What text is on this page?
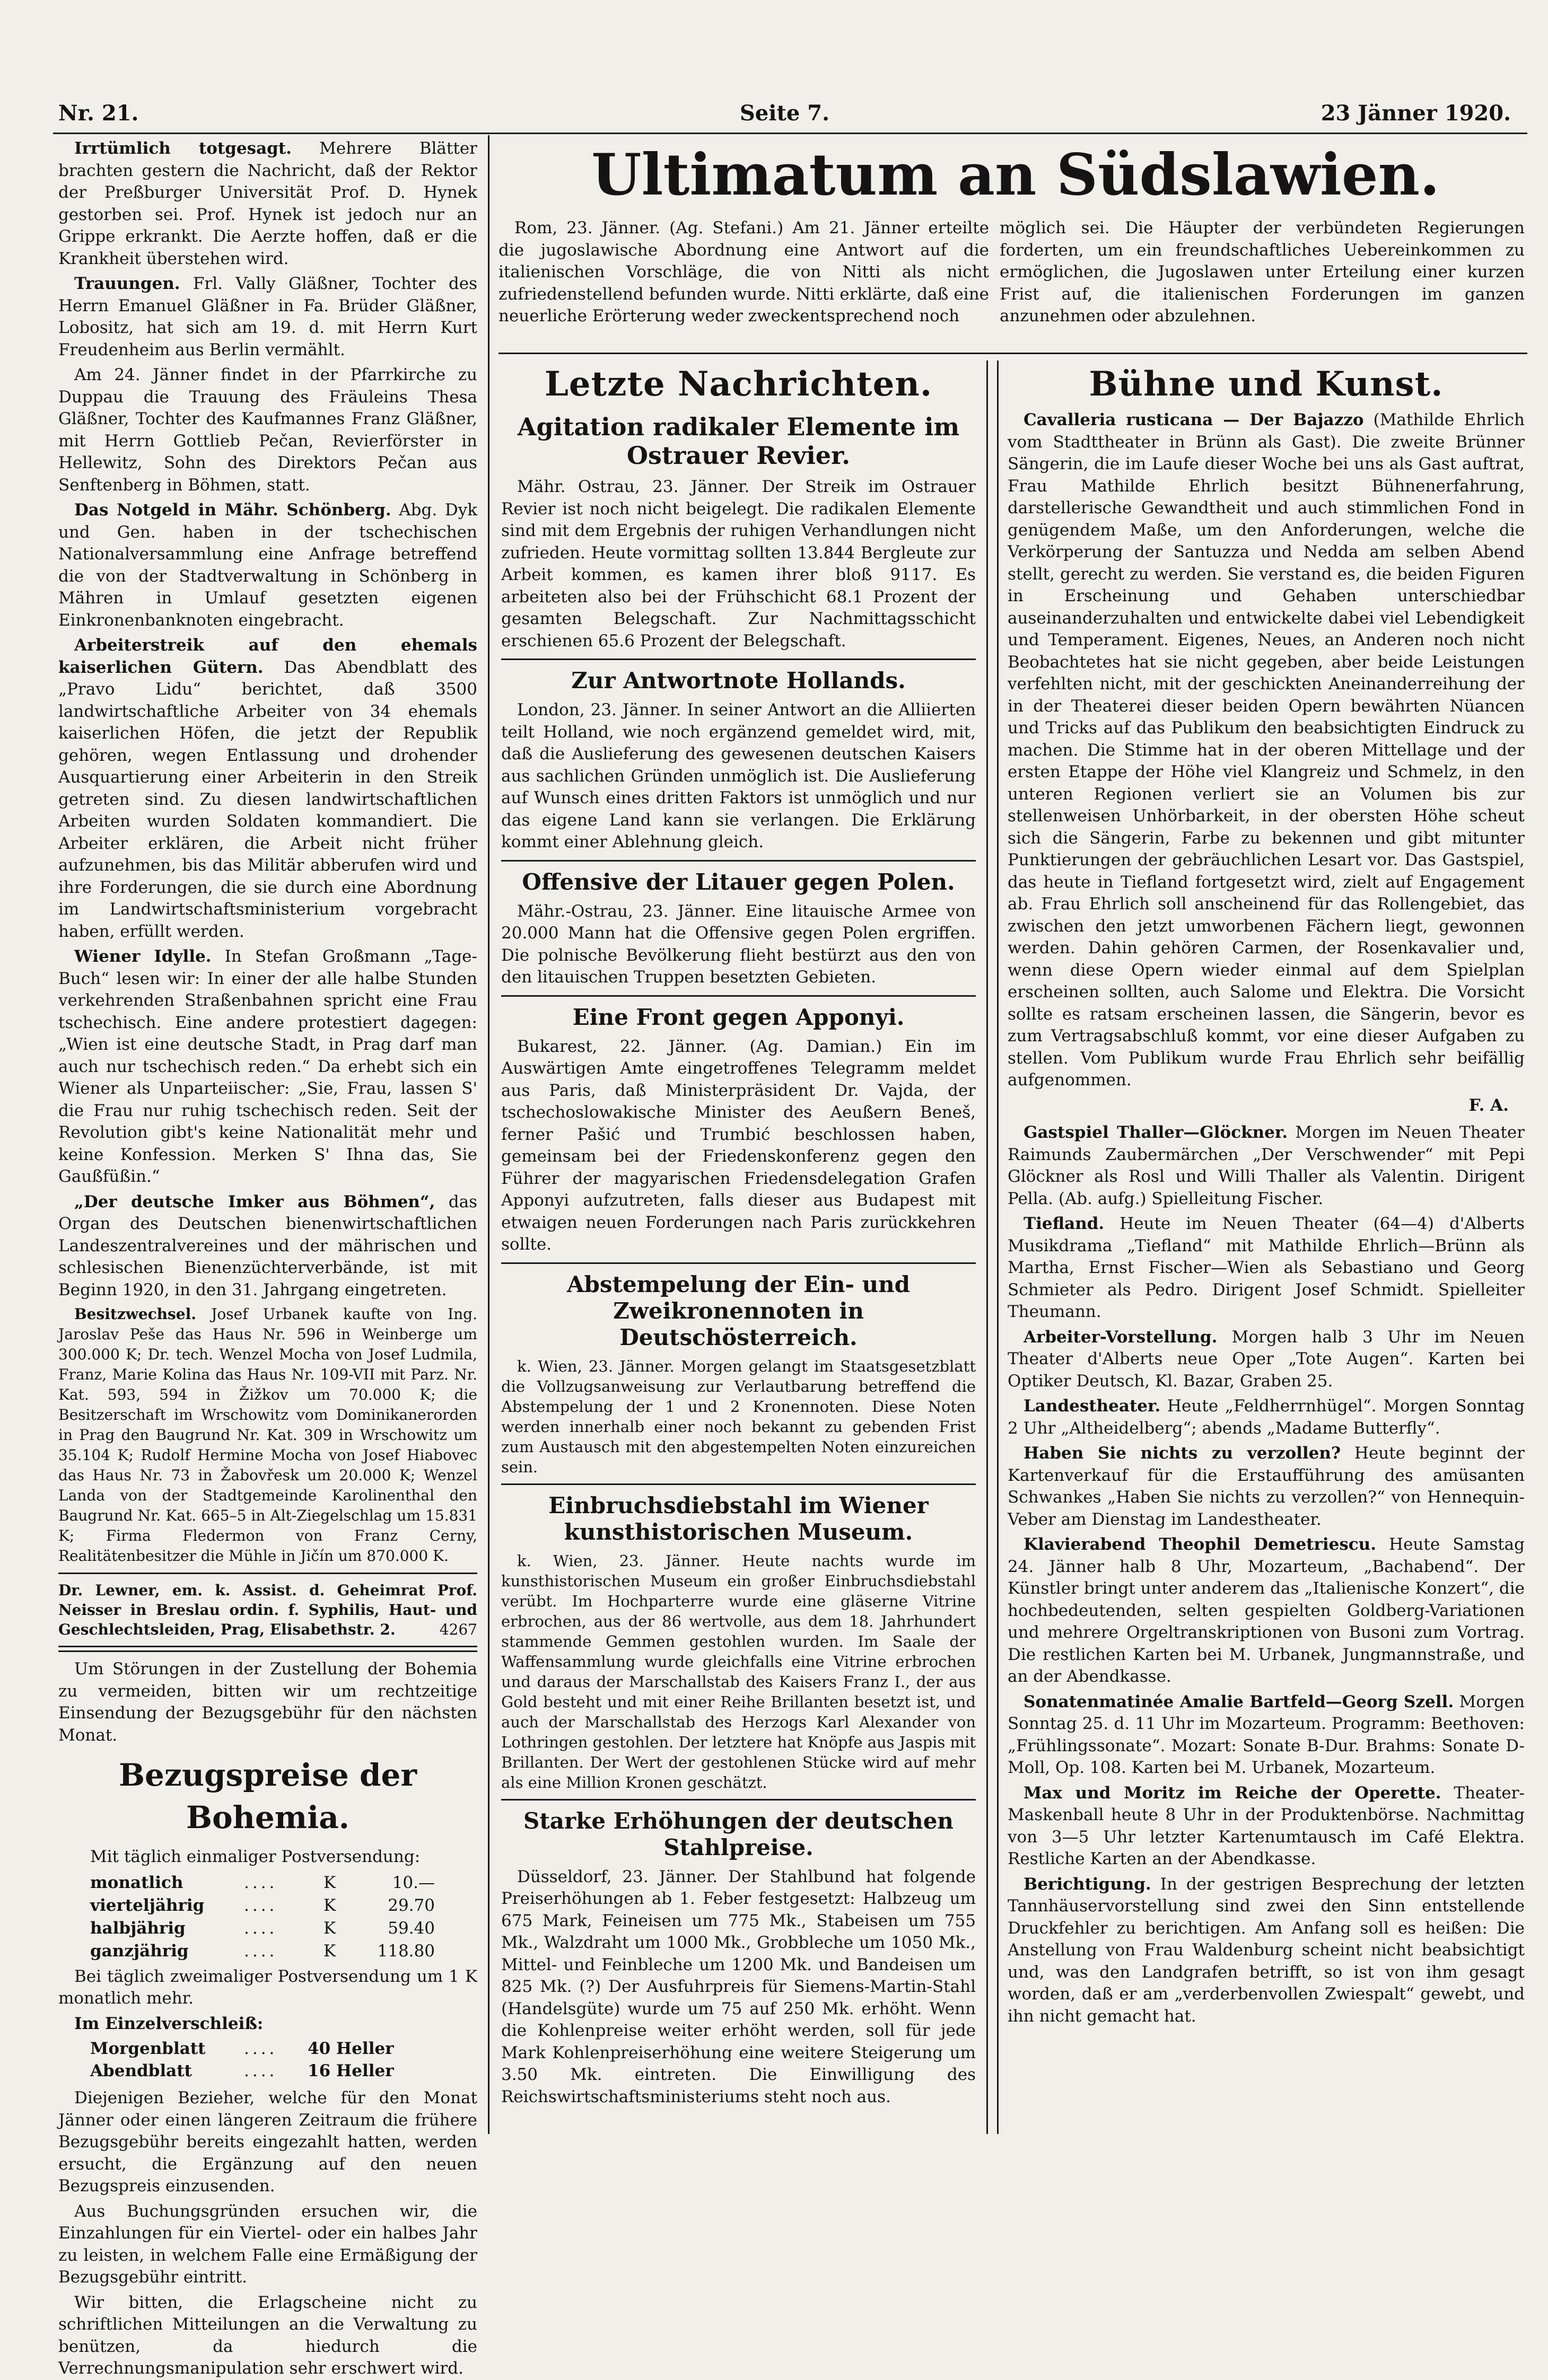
Nr. 21.	Seite 7.	23 Jänner 1920.
Ultimatum an Südslawien.

Rom, 23. Jänner. (Ag. Stefani.) Am 21. Jänner erteilte die jugoslawische Abordnung eine Antwort auf die italienischen Vorschläge, die von Nitti als nicht zufriedenstellend befunden wurde. Nitti erklärte, daß eine neuerliche Erörterung weder zweckentsprechend noch

möglich sei. Die Häupter der verbündeten Regierungen forderten, um ein freundschaftliches Uebereinkommen zu ermöglichen, die Jugoslawen unter Erteilung einer kurzen Frist auf, die italienischen Forderungen im ganzen anzunehmen oder abzulehnen.

Irrtümlich totgesagt. Mehrere Blätter brachten gestern die Nachricht, daß der Rektor der Preßburger Universität Prof. D. Hynek gestorben sei. Prof. Hynek ist jedoch nur an Grippe erkrankt. Die Aerzte hoffen, daß er die Krankheit überstehen wird.

Trauungen. Frl. Vally Gläßner, Tochter des Herrn Emanuel Gläßner in Fa. Brüder Gläßner, Lobositz, hat sich am 19. d. mit Herrn Kurt Freudenheim aus Berlin vermählt.

Am 24. Jänner findet in der Pfarrkirche zu Duppau die Trauung des Fräuleins Thesa Gläßner, Tochter des Kaufmannes Franz Gläßner, mit Herrn Gottlieb Pečan, Revierförster in Hellewitz, Sohn des Direktors Pečan aus Senftenberg in Böhmen, statt.

Das Notgeld in Mähr. Schönberg. Abg. Dyk und Gen. haben in der tschechischen Nationalversammlung eine Anfrage betreffend die von der Stadtverwaltung in Schönberg in Mähren in Umlauf gesetzten eigenen Einkronenbanknoten eingebracht.

Arbeiterstreik auf den ehemals kaiserlichen Gütern. Das Abendblatt des „Pravo Lidu“ berichtet, daß 3500 landwirtschaftliche Arbeiter von 34 ehemals kaiserlichen Höfen, die jetzt der Republik gehören, wegen Entlassung und drohender Ausquartierung einer Arbeiterin in den Streik getreten sind. Zu diesen landwirtschaftlichen Arbeiten wurden Soldaten kommandiert. Die Arbeiter erklären, die Arbeit nicht früher aufzunehmen, bis das Militär abberufen wird und ihre Forderungen, die sie durch eine Abordnung im Landwirtschaftsministerium vorgebracht haben, erfüllt werden.

Wiener Idylle. In Stefan Großmann „Tage-Buch“ lesen wir: In einer der alle halbe Stunden verkehrenden Straßenbahnen spricht eine Frau tschechisch. Eine andere protestiert dagegen: „Wien ist eine deutsche Stadt, in Prag darf man auch nur tschechisch reden.“ Da erhebt sich ein Wiener als Unparteiischer: „Sie, Frau, lassen S' die Frau nur ruhig tschechisch reden. Seit der Revolution gibt's keine Nationalität mehr und keine Konfession. Merken S' Ihna das, Sie Gaußfüßin.“

„Der deutsche Imker aus Böhmen“, das Organ des Deutschen bienenwirtschaftlichen Landeszentralvereines und der mährischen und schlesischen Bienenzüchterverbände, ist mit Beginn 1920, in den 31. Jahrgang eingetreten.

Besitzwechsel. Josef Urbanek kaufte von Ing. Jaroslav Peše das Haus Nr. 596 in Weinberge um 300.000 K; Dr. tech. Wenzel Mocha von Josef Ludmila, Franz, Marie Kolina das Haus Nr. 109-VII mit Parz. Nr. Kat. 593, 594 in Žižkov um 70.000 K; die Besitzerschaft im Wrschowitz vom Dominikanerorden in Prag den Baugrund Nr. Kat. 309 in Wrschowitz um 35.104 K; Rudolf Hermine Mocha von Josef Hiabovec das Haus Nr. 73 in Žabovřesk um 20.000 K; Wenzel Landa von der Stadtgemeinde Karolinenthal den Baugrund Nr. Kat. 665–5 in Alt-Ziegelschlag um 15.831 K; Firma Fledermon von Franz Cerny, Realitätenbesitzer die Mühle in Jičín um 870.000 K.

Dr. Lewner, em. k. Assist. d. Geheimrat Prof. Neisser in Breslau ordin. f. Syphilis, Haut- und Geschlechtsleiden, Prag, Elisabethstr. 2.	4267

Um Störungen in der Zustellung der Bohemia zu vermeiden, bitten wir um rechtzeitige Einsendung der Bezugsgebühr für den nächsten Monat.

Bezugspreise der Bohemia.

Mit täglich einmaliger Postversendung:

monatlich	....	K	10.—
vierteljährig	....	K	29.70
halbjährig	....	K	59.40
ganzjährig	....	K	118.80

Bei täglich zweimaliger Postversendung um 1 K monatlich mehr.

Im Einzelverschleiß:

Morgenblatt	....	40 Heller
Abendblatt	....	16 Heller

Diejenigen Bezieher, welche für den Monat Jänner oder einen längeren Zeitraum die frühere Bezugsgebühr bereits eingezahlt hatten, werden ersucht, die Ergänzung auf den neuen Bezugspreis einzusenden.

Aus Buchungsgründen ersuchen wir, die Einzahlungen für ein Viertel- oder ein halbes Jahr zu leisten, in welchem Falle eine Ermäßigung der Bezugsgebühr eintritt.

Wir bitten, die Erlagscheine nicht zu schriftlichen Mitteilungen an die Verwaltung zu benützen, da hiedurch die Verrechnungsmanipulation sehr erschwert wird.

Letzte Nachrichten.
Agitation radikaler Elemente im Ostrauer Revier.

Mähr. Ostrau, 23. Jänner. Der Streik im Ostrauer Revier ist noch nicht beigelegt. Die radikalen Elemente sind mit dem Ergebnis der ruhigen Verhandlungen nicht zufrieden. Heute vormittag sollten 13.844 Bergleute zur Arbeit kommen, es kamen ihrer bloß 9117. Es arbeiteten also bei der Frühschicht 68.1 Prozent der gesamten Belegschaft. Zur Nachmittagsschicht erschienen 65.6 Prozent der Belegschaft.

Zur Antwortnote Hollands.

London, 23. Jänner. In seiner Antwort an die Alliierten teilt Holland, wie noch ergänzend gemeldet wird, mit, daß die Auslieferung des gewesenen deutschen Kaisers aus sachlichen Gründen unmöglich ist. Die Auslieferung auf Wunsch eines dritten Faktors ist unmöglich und nur das eigene Land kann sie verlangen. Die Erklärung kommt einer Ablehnung gleich.

Offensive der Litauer gegen Polen.

Mähr.-Ostrau, 23. Jänner. Eine litauische Armee von 20.000 Mann hat die Offensive gegen Polen ergriffen. Die polnische Bevölkerung flieht bestürzt aus den von den litauischen Truppen besetzten Gebieten.

Eine Front gegen Apponyi.

Bukarest, 22. Jänner. (Ag. Damian.) Ein im Auswärtigen Amte eingetroffenes Telegramm meldet aus Paris, daß Ministerpräsident Dr. Vajda, der tschechoslowakische Minister des Aeußern Beneš, ferner Pašić und Trumbić beschlossen haben, gemeinsam bei der Friedenskonferenz gegen den Führer der magyarischen Friedensdelegation Grafen Apponyi aufzutreten, falls dieser aus Budapest mit etwaigen neuen Forderungen nach Paris zurückkehren sollte.

Abstempelung der Ein- und Zweikronennoten in Deutschösterreich.

k. Wien, 23. Jänner. Morgen gelangt im Staatsgesetzblatt die Vollzugsanweisung zur Verlautbarung betreffend die Abstempelung der 1 und 2 Kronennoten. Diese Noten werden innerhalb einer noch bekannt zu gebenden Frist zum Austausch mit den abgestempelten Noten einzureichen sein.

Einbruchsdiebstahl im Wiener kunsthistorischen Museum.

k. Wien, 23. Jänner. Heute nachts wurde im kunsthistorischen Museum ein großer Einbruchsdiebstahl verübt. Im Hochparterre wurde eine gläserne Vitrine erbrochen, aus der 86 wertvolle, aus dem 18. Jahrhundert stammende Gemmen gestohlen wurden. Im Saale der Waffensammlung wurde gleichfalls eine Vitrine erbrochen und daraus der Marschallstab des Kaisers Franz I., der aus Gold besteht und mit einer Reihe Brillanten besetzt ist, und auch der Marschallstab des Herzogs Karl Alexander von Lothringen gestohlen. Der letztere hat Knöpfe aus Jaspis mit Brillanten. Der Wert der gestohlenen Stücke wird auf mehr als eine Million Kronen geschätzt.

Starke Erhöhungen der deutschen Stahlpreise.

Düsseldorf, 23. Jänner. Der Stahlbund hat folgende Preiserhöhungen ab 1. Feber festgesetzt: Halbzeug um 675 Mark, Feineisen um 775 Mk., Stabeisen um 755 Mk., Walzdraht um 1000 Mk., Grobbleche um 1050 Mk., Mittel- und Feinbleche um 1200 Mk. und Bandeisen um 825 Mk. (?) Der Ausfuhrpreis für Siemens-Martin-Stahl (Handelsgüte) wurde um 75 auf 250 Mk. erhöht. Wenn die Kohlenpreise weiter erhöht werden, soll für jede Mark Kohlenpreiserhöhung eine weitere Steigerung um 3.50 Mk. eintreten. Die Einwilligung des Reichswirtschaftsministeriums steht noch aus.

Bühne und Kunst.

Cavalleria rusticana — Der Bajazzo (Mathilde Ehrlich vom Stadttheater in Brünn als Gast). Die zweite Brünner Sängerin, die im Laufe dieser Woche bei uns als Gast auftrat, Frau Mathilde Ehrlich besitzt Bühnenerfahrung, darstellerische Gewandtheit und auch stimmlichen Fond in genügendem Maße, um den Anforderungen, welche die Verkörperung der Santuzza und Nedda am selben Abend stellt, gerecht zu werden. Sie verstand es, die beiden Figuren in Erscheinung und Gehaben unterschiedbar auseinanderzuhalten und entwickelte dabei viel Lebendigkeit und Temperament. Eigenes, Neues, an Anderen noch nicht Beobachtetes hat sie nicht gegeben, aber beide Leistungen verfehlten nicht, mit der geschickten Aneinanderreihung der in der Theaterei dieser beiden Opern bewährten Nüancen und Tricks auf das Publikum den beabsichtigten Eindruck zu machen. Die Stimme hat in der oberen Mittellage und der ersten Etappe der Höhe viel Klangreiz und Schmelz, in den unteren Regionen verliert sie an Volumen bis zur stellenweisen Unhörbarkeit, in der obersten Höhe scheut sich die Sängerin, Farbe zu bekennen und gibt mitunter Punktierungen der gebräuchlichen Lesart vor. Das Gastspiel, das heute in Tiefland fortgesetzt wird, zielt auf Engagement ab. Frau Ehrlich soll anscheinend für das Rollengebiet, das zwischen den jetzt umworbenen Fächern liegt, gewonnen werden. Dahin gehören Carmen, der Rosenkavalier und, wenn diese Opern wieder einmal auf dem Spielplan erscheinen sollten, auch Salome und Elektra. Die Vorsicht sollte es ratsam erscheinen lassen, die Sängerin, bevor es zum Vertragsabschluß kommt, vor eine dieser Aufgaben zu stellen. Vom Publikum wurde Frau Ehrlich sehr beifällig aufgenommen.

F. A.

Gastspiel Thaller—Glöckner. Morgen im Neuen Theater Raimunds Zaubermärchen „Der Verschwender“ mit Pepi Glöckner als Rosl und Willi Thaller als Valentin. Dirigent Pella. (Ab. aufg.) Spielleitung Fischer.

Tiefland. Heute im Neuen Theater (64—4) d'Alberts Musikdrama „Tiefland“ mit Mathilde Ehrlich—Brünn als Martha, Ernst Fischer—Wien als Sebastiano und Georg Schmieter als Pedro. Dirigent Josef Schmidt. Spielleiter Theumann.

Arbeiter-Vorstellung. Morgen halb 3 Uhr im Neuen Theater d'Alberts neue Oper „Tote Augen“. Karten bei Optiker Deutsch, Kl. Bazar, Graben 25.

Landestheater. Heute „Feldherrnhügel“. Morgen Sonntag 2 Uhr „Altheidelberg“; abends „Madame Butterfly“.

Haben Sie nichts zu verzollen? Heute beginnt der Kartenverkauf für die Erstaufführung des amüsanten Schwankes „Haben Sie nichts zu verzollen?“ von Hennequin-Veber am Dienstag im Landestheater.

Klavierabend Theophil Demetriescu. Heute Samstag 24. Jänner halb 8 Uhr, Mozarteum, „Bachabend“. Der Künstler bringt unter anderem das „Italienische Konzert“, die hochbedeutenden, selten gespielten Goldberg-Variationen und mehrere Orgeltranskriptionen von Busoni zum Vortrag. Die restlichen Karten bei M. Urbanek, Jungmannstraße, und an der Abendkasse.

Sonatenmatinée Amalie Bartfeld—Georg Szell. Morgen Sonntag 25. d. 11 Uhr im Mozarteum. Programm: Beethoven: „Frühlingssonate“. Mozart: Sonate B-Dur. Brahms: Sonate D-Moll, Op. 108. Karten bei M. Urbanek, Mozarteum.

Max und Moritz im Reiche der Operette. Theater-Maskenball heute 8 Uhr in der Produktenbörse. Nachmittag von 3—5 Uhr letzter Kartenumtausch im Café Elektra. Restliche Karten an der Abendkasse.

Berichtigung. In der gestrigen Besprechung der letzten Tannhäuservorstellung sind zwei den Sinn entstellende Druckfehler zu berichtigen. Am Anfang soll es heißen: Die Anstellung von Frau Waldenburg scheint nicht beabsichtigt und, was den Landgrafen betrifft, so ist von ihm gesagt worden, daß er am „verderbenvollen Zwiespalt“ gewebt, und ihn nicht gemacht hat.
